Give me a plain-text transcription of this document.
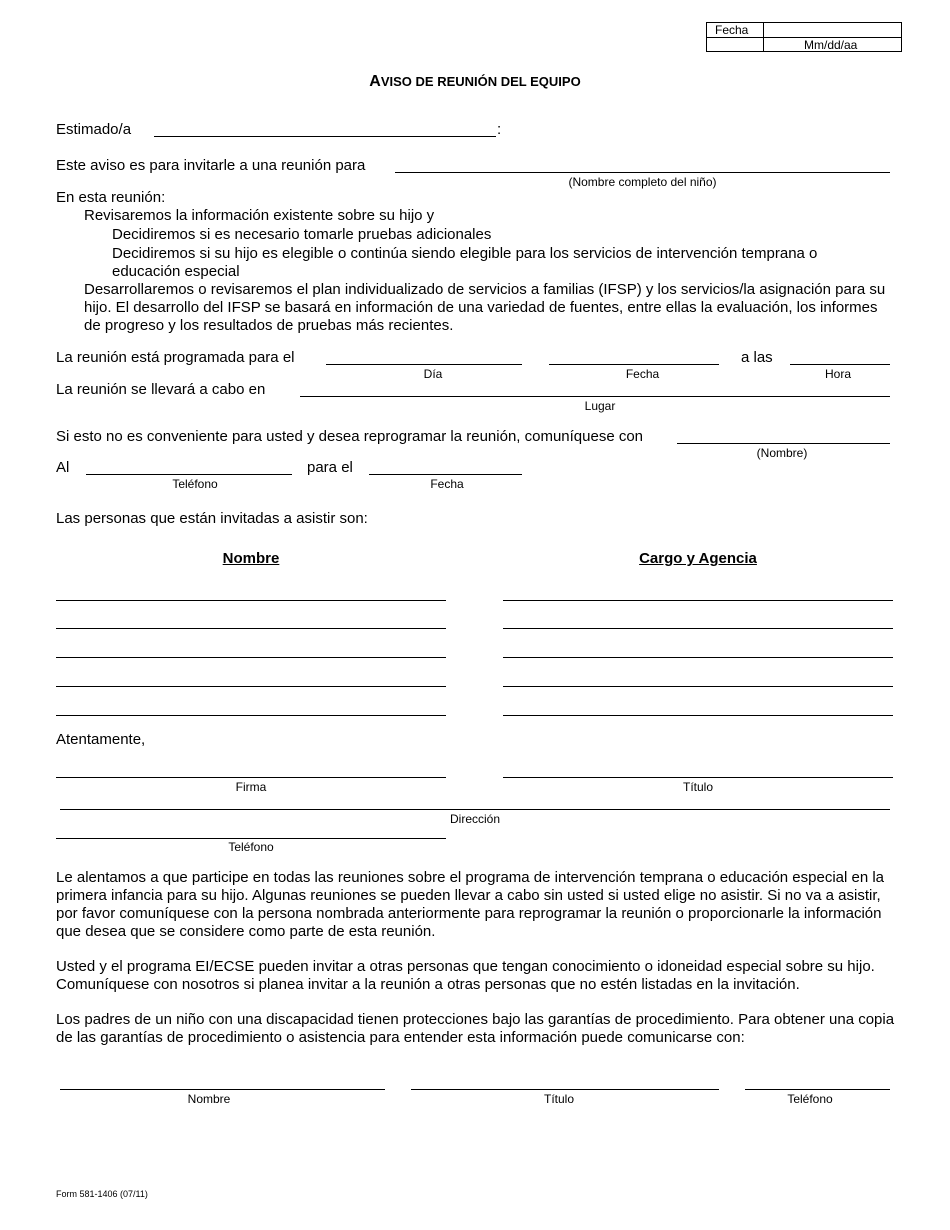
Fecha
Mm/dd/aa
AVISO DE REUNIÓN DEL EQUIPO
Estimado/a	:
Este aviso es para invitarle a una reunión para
(Nombre completo del niño)
En esta reunión:
Revisaremos la información existente sobre su hijo y
Decidiremos si es necesario tomarle pruebas adicionales
Decidiremos si su hijo es elegible o continúa siendo elegible para los servicios de intervención temprana o educación especial
Desarrollaremos o revisaremos el plan individualizado de servicios a familias (IFSP) y los servicios/la asignación para su hijo. El desarrollo del IFSP se basará en información de una variedad de fuentes, entre ellas la evaluación, los informes de progreso y los resultados de pruebas más recientes.
La reunión está programada para el	a las
Día	Fecha	Hora
La reunión se llevará a cabo en
Lugar
Si esto no es conveniente para usted y desea reprogramar la reunión, comuníquese con
(Nombre)
Al	para el
Teléfono	Fecha
Las personas que están invitadas a asistir son:
Nombre	Cargo y Agencia
Atentamente,
Firma	Título
Dirección
Teléfono
Le alentamos a que participe en todas las reuniones sobre el programa de intervención temprana o educación especial en la primera infancia para su hijo. Algunas reuniones se pueden llevar a cabo sin usted si usted elige no asistir. Si no va a asistir, por favor comuníquese con la persona nombrada anteriormente para reprogramar la reunión o proporcionarle la información que desea que se considere como parte de esta reunión.
Usted y el programa EI/ECSE pueden invitar a otras personas que tengan conocimiento o idoneidad especial sobre su hijo. Comuníquese con nosotros si planea invitar a la reunión a otras personas que no estén listadas en la invitación.
Los padres de un niño con una discapacidad tienen protecciones bajo las garantías de procedimiento. Para obtener una copia de las garantías de procedimiento o asistencia para entender esta información puede comunicarse con:
Nombre	Título	Teléfono
Form 581-1406 (07/11)
